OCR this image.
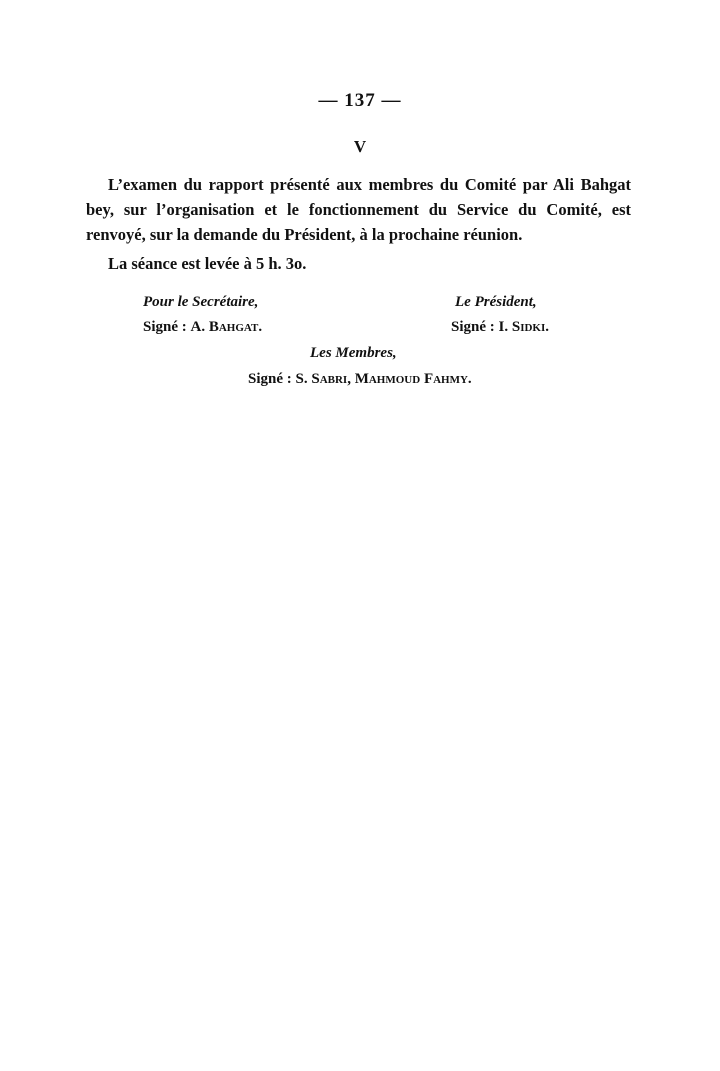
— 137 —
V

L’examen du rapport présenté aux membres du Comité par Ali Bahgat bey, sur l’organisation et le fonctionnement du Service du Comité, est renvoyé, sur la demande du Président, à la prochaine réunion.

La séance est levée à 5 h. 3o.

Pour le Secrétaire,
Signé : A. Bahgat.
Le Président,
Signé : I. Sidki.
Les Membres,
Signé : S. Sabri, Mahmoud Fahmy.
